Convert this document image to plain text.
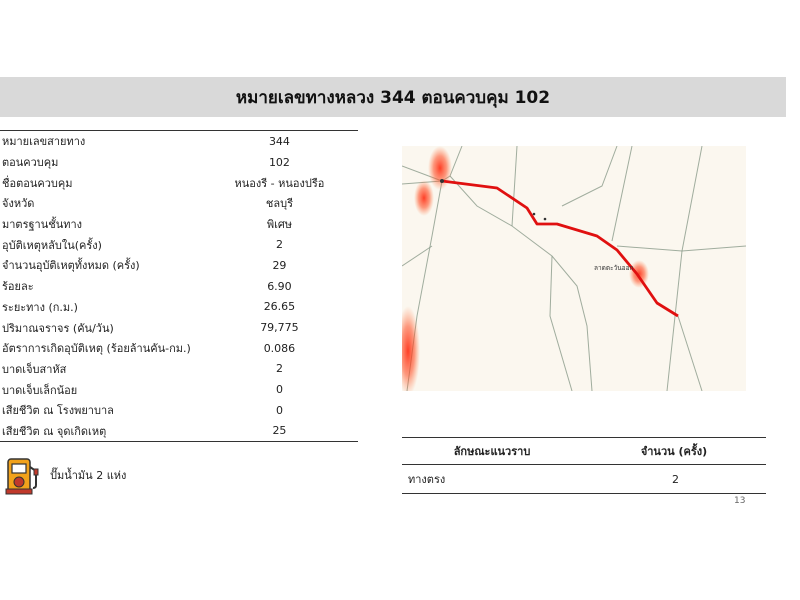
หมายเลขทางหลวง 344 ตอนควบคุม 102
หมายเลขสายทาง	344
ตอนควบคุม	102
ชื่อตอนควบคุม	หนองรี - หนองปรือ
จังหวัด	ชลบุรี
มาตรฐานชั้นทาง	พิเศษ
อุบัติเหตุหลับใน(ครั้ง)	2
จำนวนอุบัติเหตุทั้งหมด (ครั้ง)	29
ร้อยละ	6.90
ระยะทาง (ก.ม.)	26.65
ปริมาณจราจร (คัน/วัน)	79,775
อัตราการเกิดอุบัติเหตุ (ร้อยล้านคัน-กม.)	0.086
บาดเจ็บสาหัส	2
บาดเจ็บเล็กน้อย	0
เสียชีวิต ณ โรงพยาบาล	0
เสียชีวิต ณ จุดเกิดเหตุ	25
ปั๊มน้ำมัน 2 แห่ง
ลาดตะวันออก
ลักษณะแนวราบ	จำนวน (ครั้ง)
ทางตรง	2
13
